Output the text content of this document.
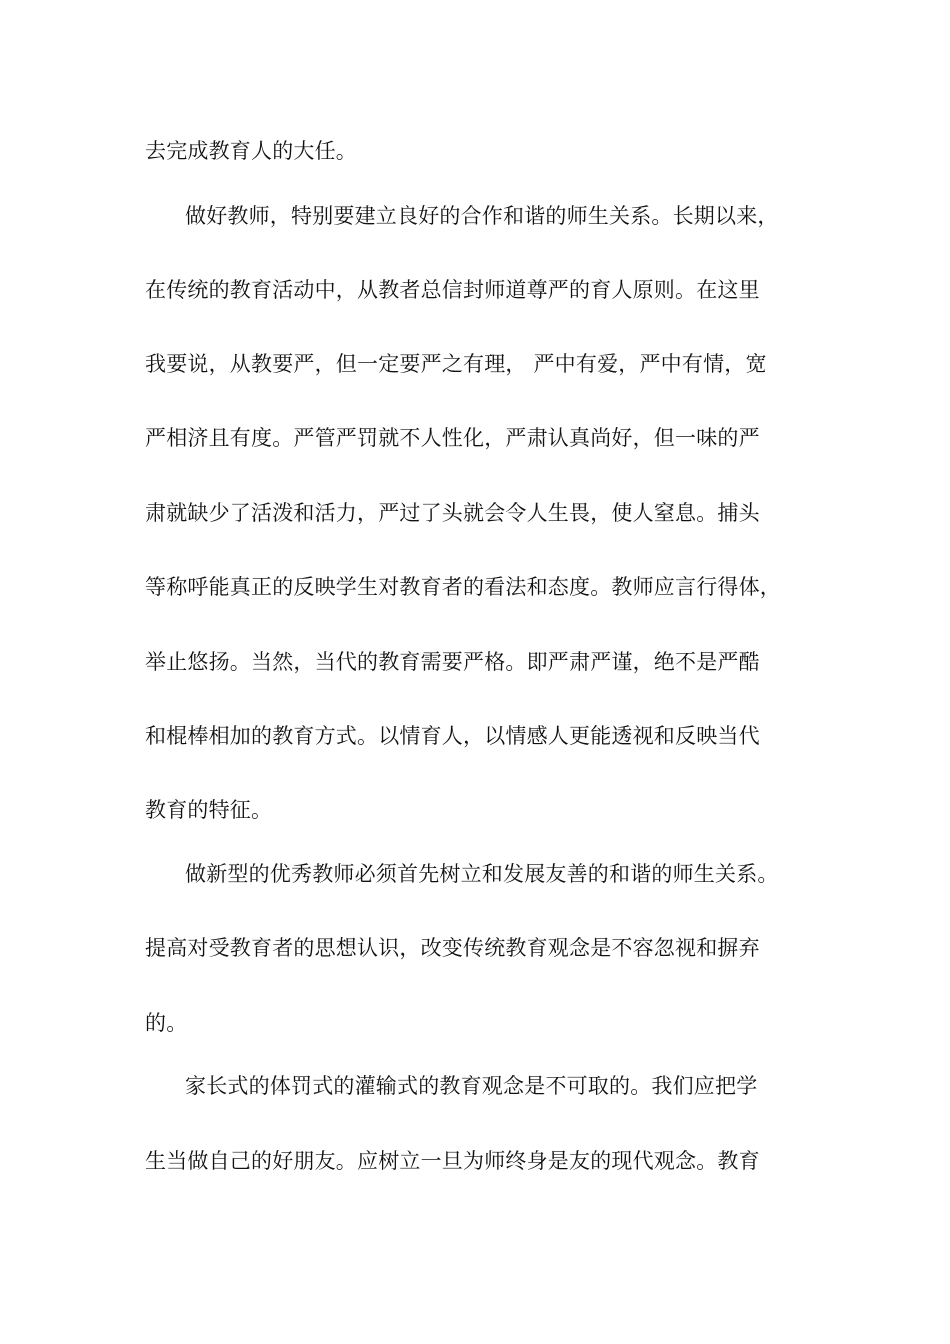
去完成教育人的大任。
做好教师，特别要建立良好的合作和谐的师生关系。长期以来，
在传统的教育活动中，从教者总信封师道尊严的育人原则。在这里
我要说，从教要严，但一定要严之有理， 严中有爱，严中有情，宽
严相济且有度。严管严罚就不人性化，严肃认真尚好，但一味的严
肃就缺少了活泼和活力，严过了头就会令人生畏，使人窒息。捕头
等称呼能真正的反映学生对教育者的看法和态度。教师应言行得体，
举止悠扬。当然，当代的教育需要严格。即严肃严谨，绝不是严酷
和棍棒相加的教育方式。以情育人，以情感人更能透视和反映当代
教育的特征。
做新型的优秀教师必须首先树立和发展友善的和谐的师生关系。
提高对受教育者的思想认识，改变传统教育观念是不容忽视和摒弃
的。
家长式的体罚式的灌输式的教育观念是不可取的。我们应把学
生当做自己的好朋友。应树立一旦为师终身是友的现代观念。教育
